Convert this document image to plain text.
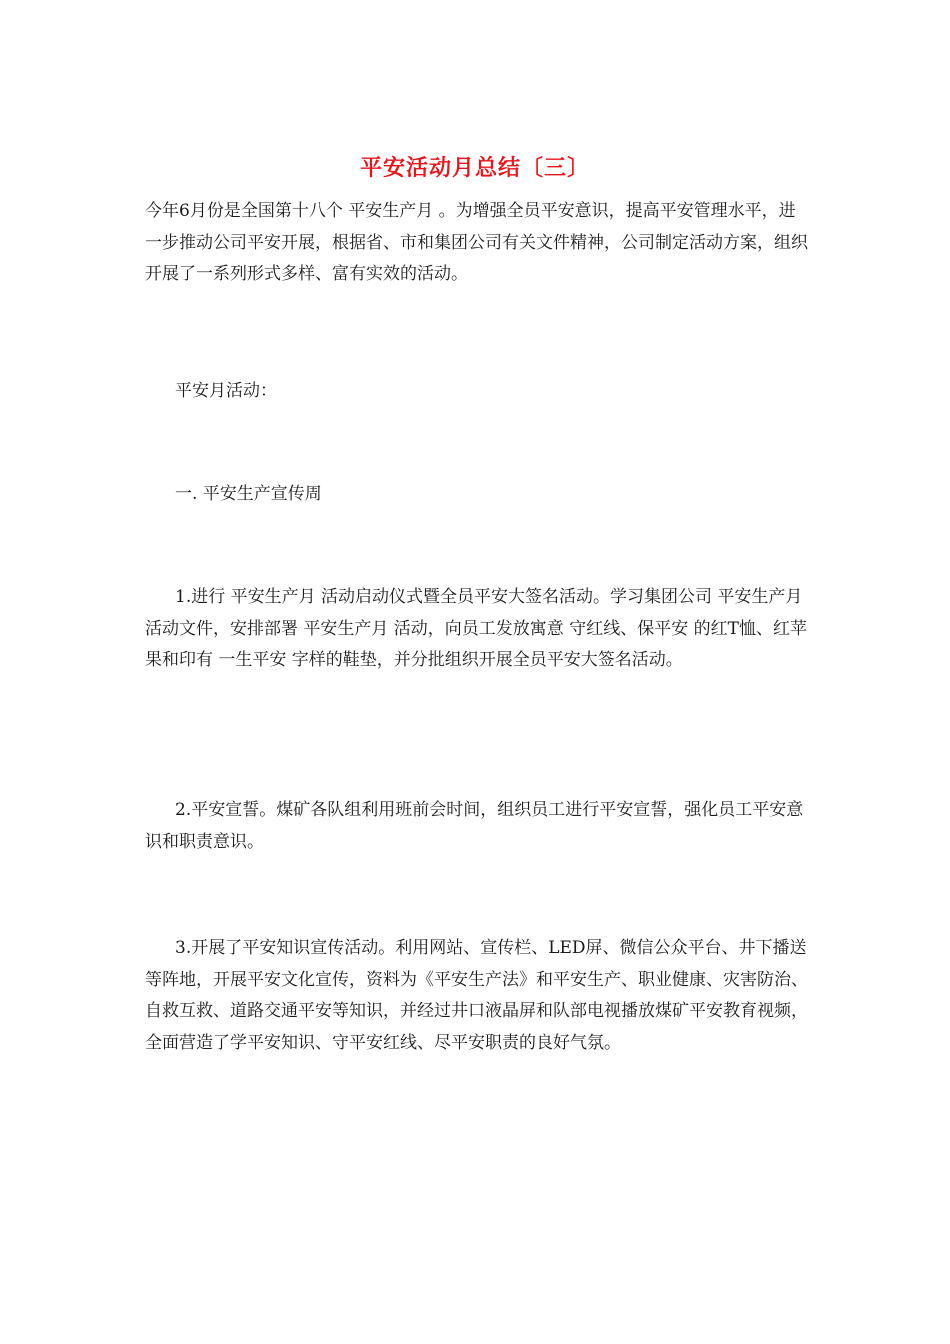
平安活动月总结〔三〕

今年6月份是全国第十八个 平安生产月 。为增强全员平安意识，提高平安管理水平，进一步推动公司平安开展，根据省、市和集团公司有关文件精神，公司制定活动方案，组织开展了一系列形式多样、富有实效的活动。

平安月活动：

一. 平安生产宣传周

1.进行 平安生产月 活动启动仪式暨全员平安大签名活动。学习集团公司 平安生产月 活动文件，安排部署 平安生产月 活动，向员工发放寓意 守红线、保平安 的红T恤、红苹果和印有 一生平安 字样的鞋垫，并分批组织开展全员平安大签名活动。

2.平安宣誓。煤矿各队组利用班前会时间，组织员工进行平安宣誓，强化员工平安意识和职责意识。

3.开展了平安知识宣传活动。利用网站、宣传栏、LED屏、微信公众平台、井下播送等阵地，开展平安文化宣传，资料为《平安生产法》和平安生产、职业健康、灾害防治、自救互救、道路交通平安等知识，并经过井口液晶屏和队部电视播放煤矿平安教育视频，全面营造了学平安知识、守平安红线、尽平安职责的良好气氛。
